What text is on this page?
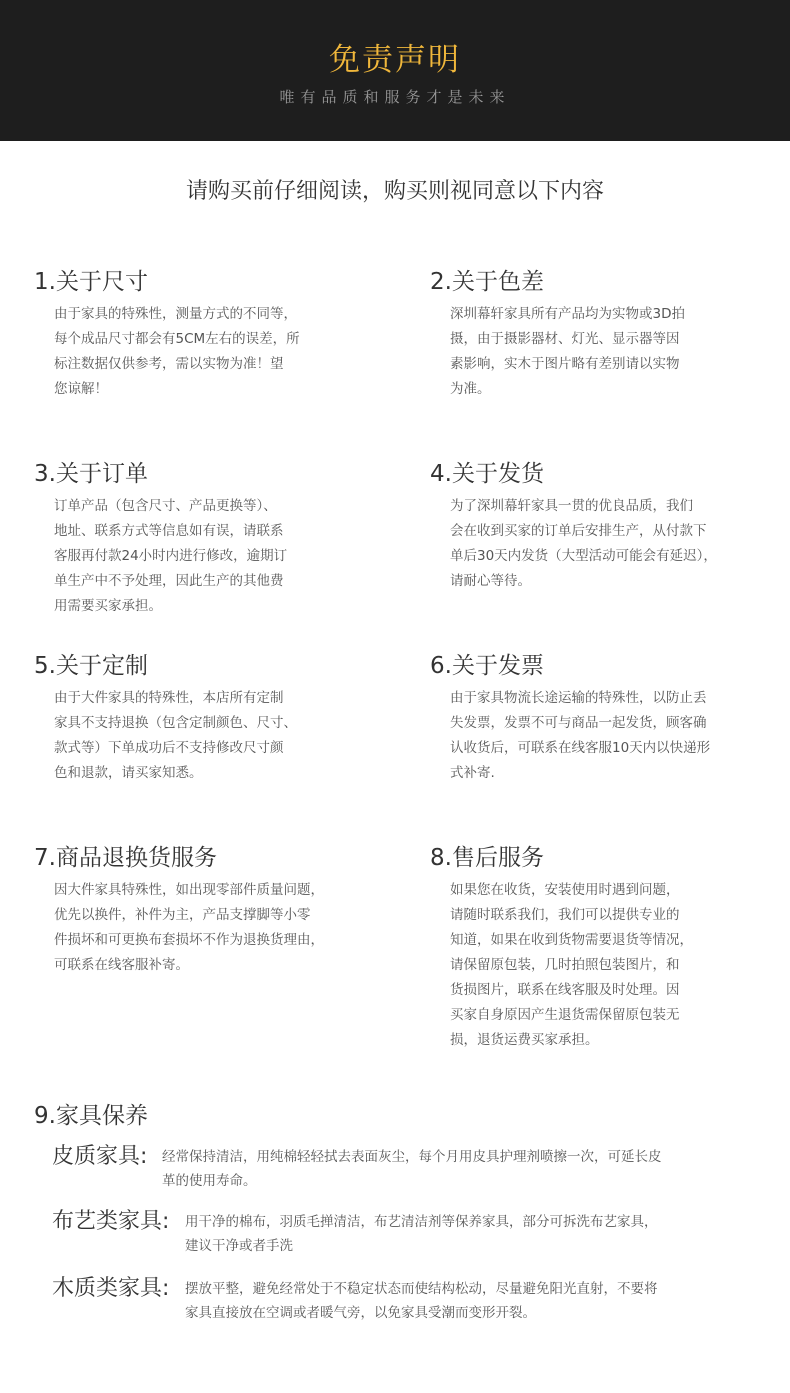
免责声明
唯有品质和服务才是未来
请购买前仔细阅读，购买则视同意以下内容
1.关于尺寸
由于家具的特殊性，测量方式的不同等，
每个成品尺寸都会有5CM左右的误差，所
标注数据仅供参考，需以实物为准！望
您谅解！
2.关于色差
深圳幕轩家具所有产品均为实物或3D拍
摄，由于摄影器材、灯光、显示器等因
素影响，实木于图片略有差别请以实物
为准。
3.关于订单
订单产品（包含尺寸、产品更换等）、
地址、联系方式等信息如有误，请联系
客服再付款24小时内进行修改，逾期订
单生产中不予处理，因此生产的其他费
用需要买家承担。
4.关于发货
为了深圳幕轩家具一贯的优良品质，我们
会在收到买家的订单后安排生产，从付款下
单后30天内发货（大型活动可能会有延迟），
请耐心等待。
5.关于定制
由于大件家具的特殊性，本店所有定制
家具不支持退换（包含定制颜色、尺寸、
款式等）下单成功后不支持修改尺寸颜
色和退款，请买家知悉。
6.关于发票
由于家具物流长途运输的特殊性，以防止丢
失发票，发票不可与商品一起发货，顾客确
认收货后，可联系在线客服10天内以快递形
式补寄.
7.商品退换货服务
因大件家具特殊性，如出现零部件质量问题，
优先以换件，补件为主，产品支撑脚等小零
件损坏和可更换布套损坏不作为退换货理由，
可联系在线客服补寄。
8.售后服务
如果您在收货，安装使用时遇到问题，
请随时联系我们，我们可以提供专业的
知道，如果在收到货物需要退货等情况，
请保留原包装，几时拍照包装图片，和
货损图片，联系在线客服及时处理。因
买家自身原因产生退货需保留原包装无
损，退货运费买家承担。
9.家具保养
皮质家具: 经常保持清洁，用纯棉轻轻拭去表面灰尘，每个月用皮具护理剂喷擦一次，可延长皮
革的使用寿命。
布艺类家具: 用干净的棉布，羽质毛掸清洁，布艺清洁剂等保养家具，部分可拆洗布艺家具，
建议干净或者手洗
木质类家具: 摆放平整，避免经常处于不稳定状态而使结构松动，尽量避免阳光直射，不要将
家具直接放在空调或者暖气旁，以免家具受潮而变形开裂。
